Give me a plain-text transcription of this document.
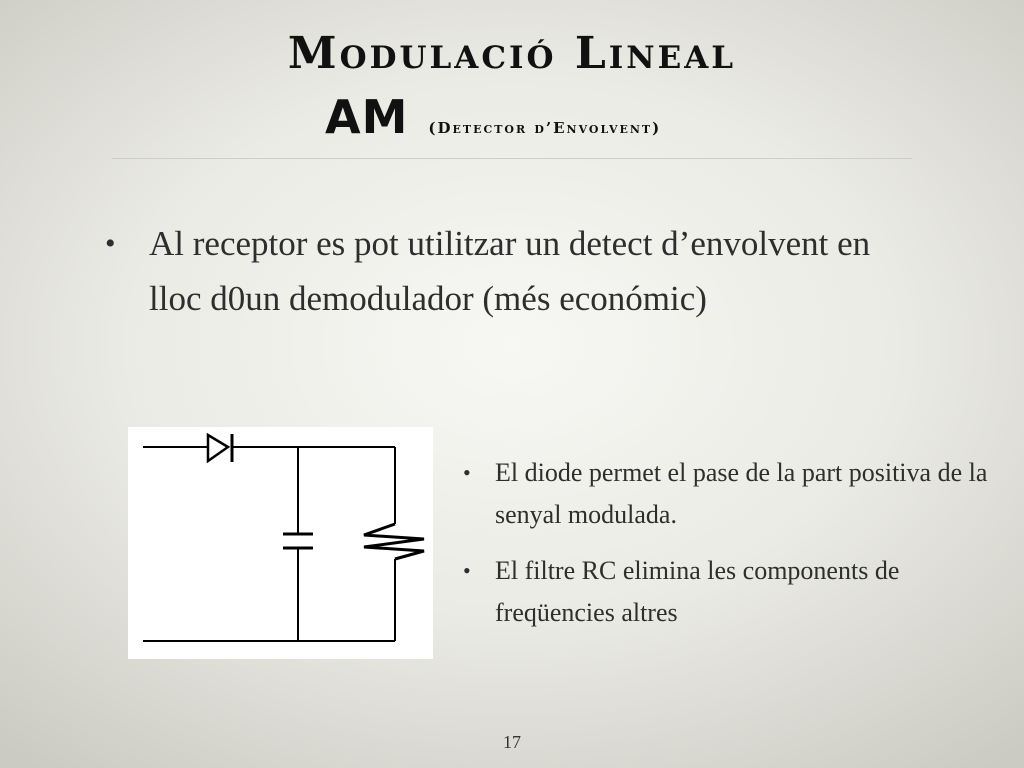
Modulació Lineal
AM (Detector d’Envolvent)
• Al receptor es pot utilitzar un detect d’envolvent en lloc d0un demodulador (més económic)
• El diode permet el pase de la part positiva de la senyal modulada.
• El filtre RC elimina les components de freqüencies altres
17
